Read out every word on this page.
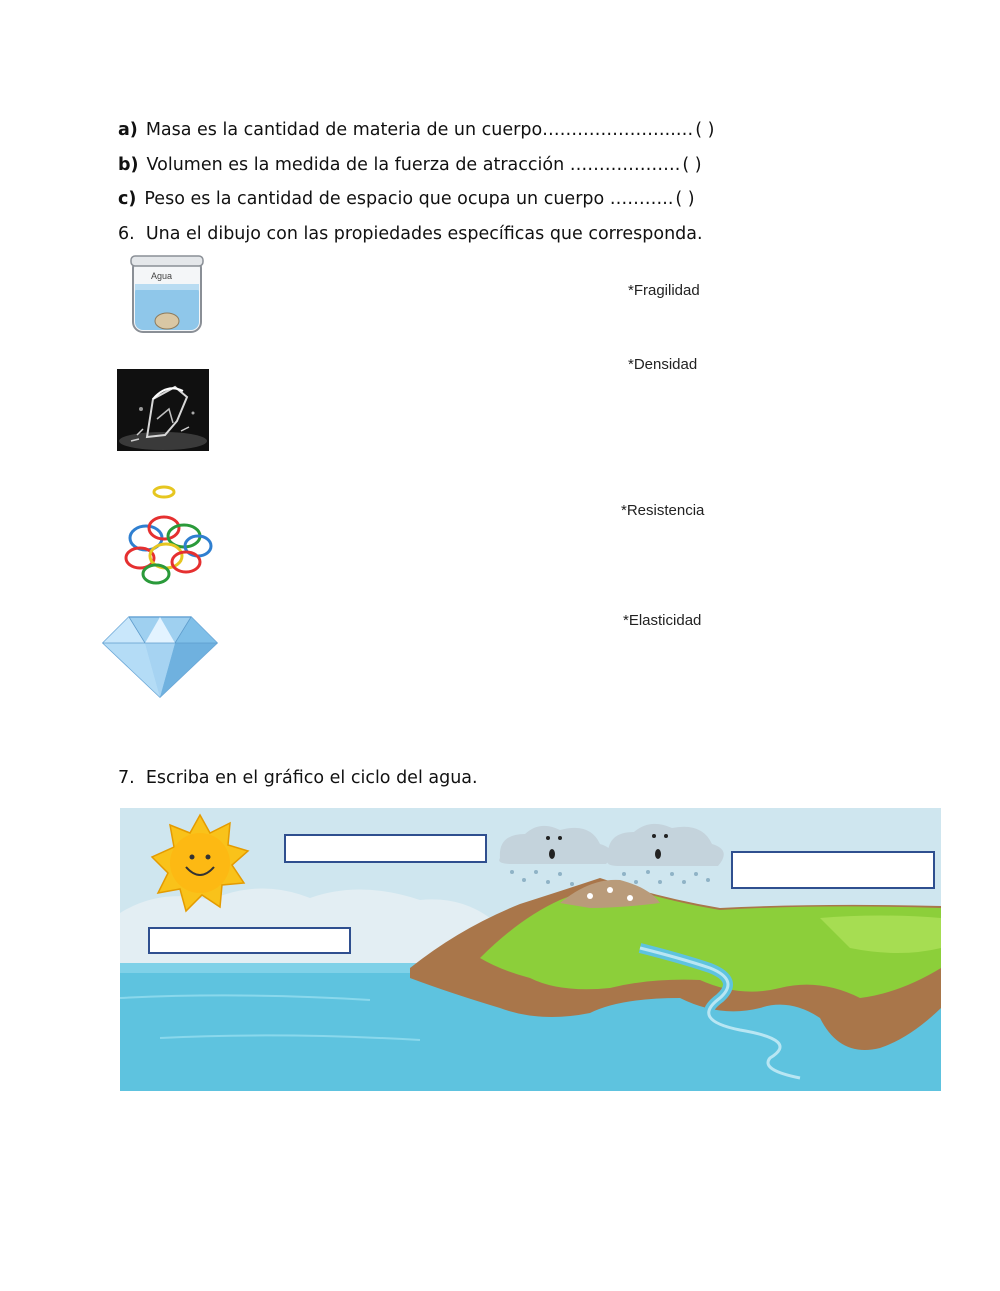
a) Masa es la cantidad de materia de un cuerpo…………………..… ( )
b) Volumen es la medida de la fuerza de atracción ………………. ( )
c) Peso es la cantidad de espacio que ocupa un cuerpo ……….. ( )
6. Una el dibujo con las propiedades específicas que corresponda.
Agua
*Fragilidad
*Densidad
*Resistencia
*Elasticidad
7. Escriba en el gráfico el ciclo del agua.
